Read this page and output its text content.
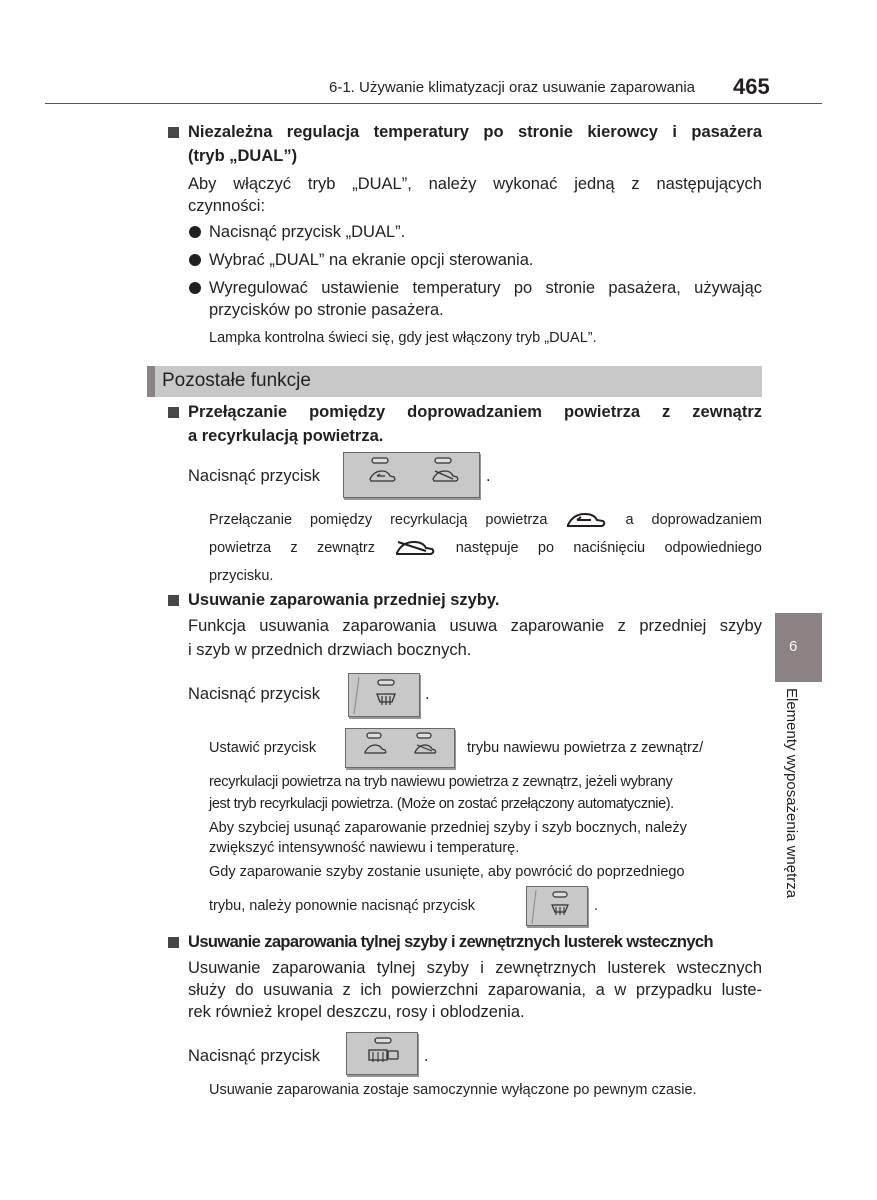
6-1. Używanie klimatyzacji oraz usuwanie zaparowania 465
6
Elementy wyposażenia wnętrza
Niezależna regulacja temperatury po stronie kierowcy i pasażera
(tryb „DUAL”)
Aby włączyć tryb „DUAL”, należy wykonać jedną z następujących
czynności:
Nacisnąć przycisk „DUAL”.
Wybrać „DUAL” na ekranie opcji sterowania.
Wyregulować ustawienie temperatury po stronie pasażera, używając
przycisków po stronie pasażera.
Lampka kontrolna świeci się, gdy jest włączony tryb „DUAL”.
Pozostałe funkcje
Przełączanie pomiędzy doprowadzaniem powietrza z zewnątrz
a recyrkulacją powietrza.
Nacisnąć przycisk	.
Przełączanie pomiędzy recyrkulacją powietrza	a doprowadzaniem
powietrza z zewnątrz	następuje po naciśnięciu odpowiedniego
przycisku.
Usuwanie zaparowania przedniej szyby.
Funkcja usuwania zaparowania usuwa zaparowanie z przedniej szyby
i szyb w przednich drzwiach bocznych.
Nacisnąć przycisk	.
Ustawić przycisk	trybu nawiewu powietrza z zewnątrz/
recyrkulacji powietrza na tryb nawiewu powietrza z zewnątrz, jeżeli wybrany
jest tryb recyrkulacji powietrza. (Może on zostać przełączony automatycznie).
Aby szybciej usunąć zaparowanie przedniej szyby i szyb bocznych, należy
zwiększyć intensywność nawiewu i temperaturę.
Gdy zaparowanie szyby zostanie usunięte, aby powrócić do poprzedniego
trybu, należy ponownie nacisnąć przycisk	.
Usuwanie zaparowania tylnej szyby i zewnętrznych lusterek wstecznych
Usuwanie zaparowania tylnej szyby i zewnętrznych lusterek wstecznych
służy do usuwania z ich powierzchni zaparowania, a w przypadku luste-
rek również kropel deszczu, rosy i oblodzenia.
Nacisnąć przycisk	.
Usuwanie zaparowania zostaje samoczynnie wyłączone po pewnym czasie.
